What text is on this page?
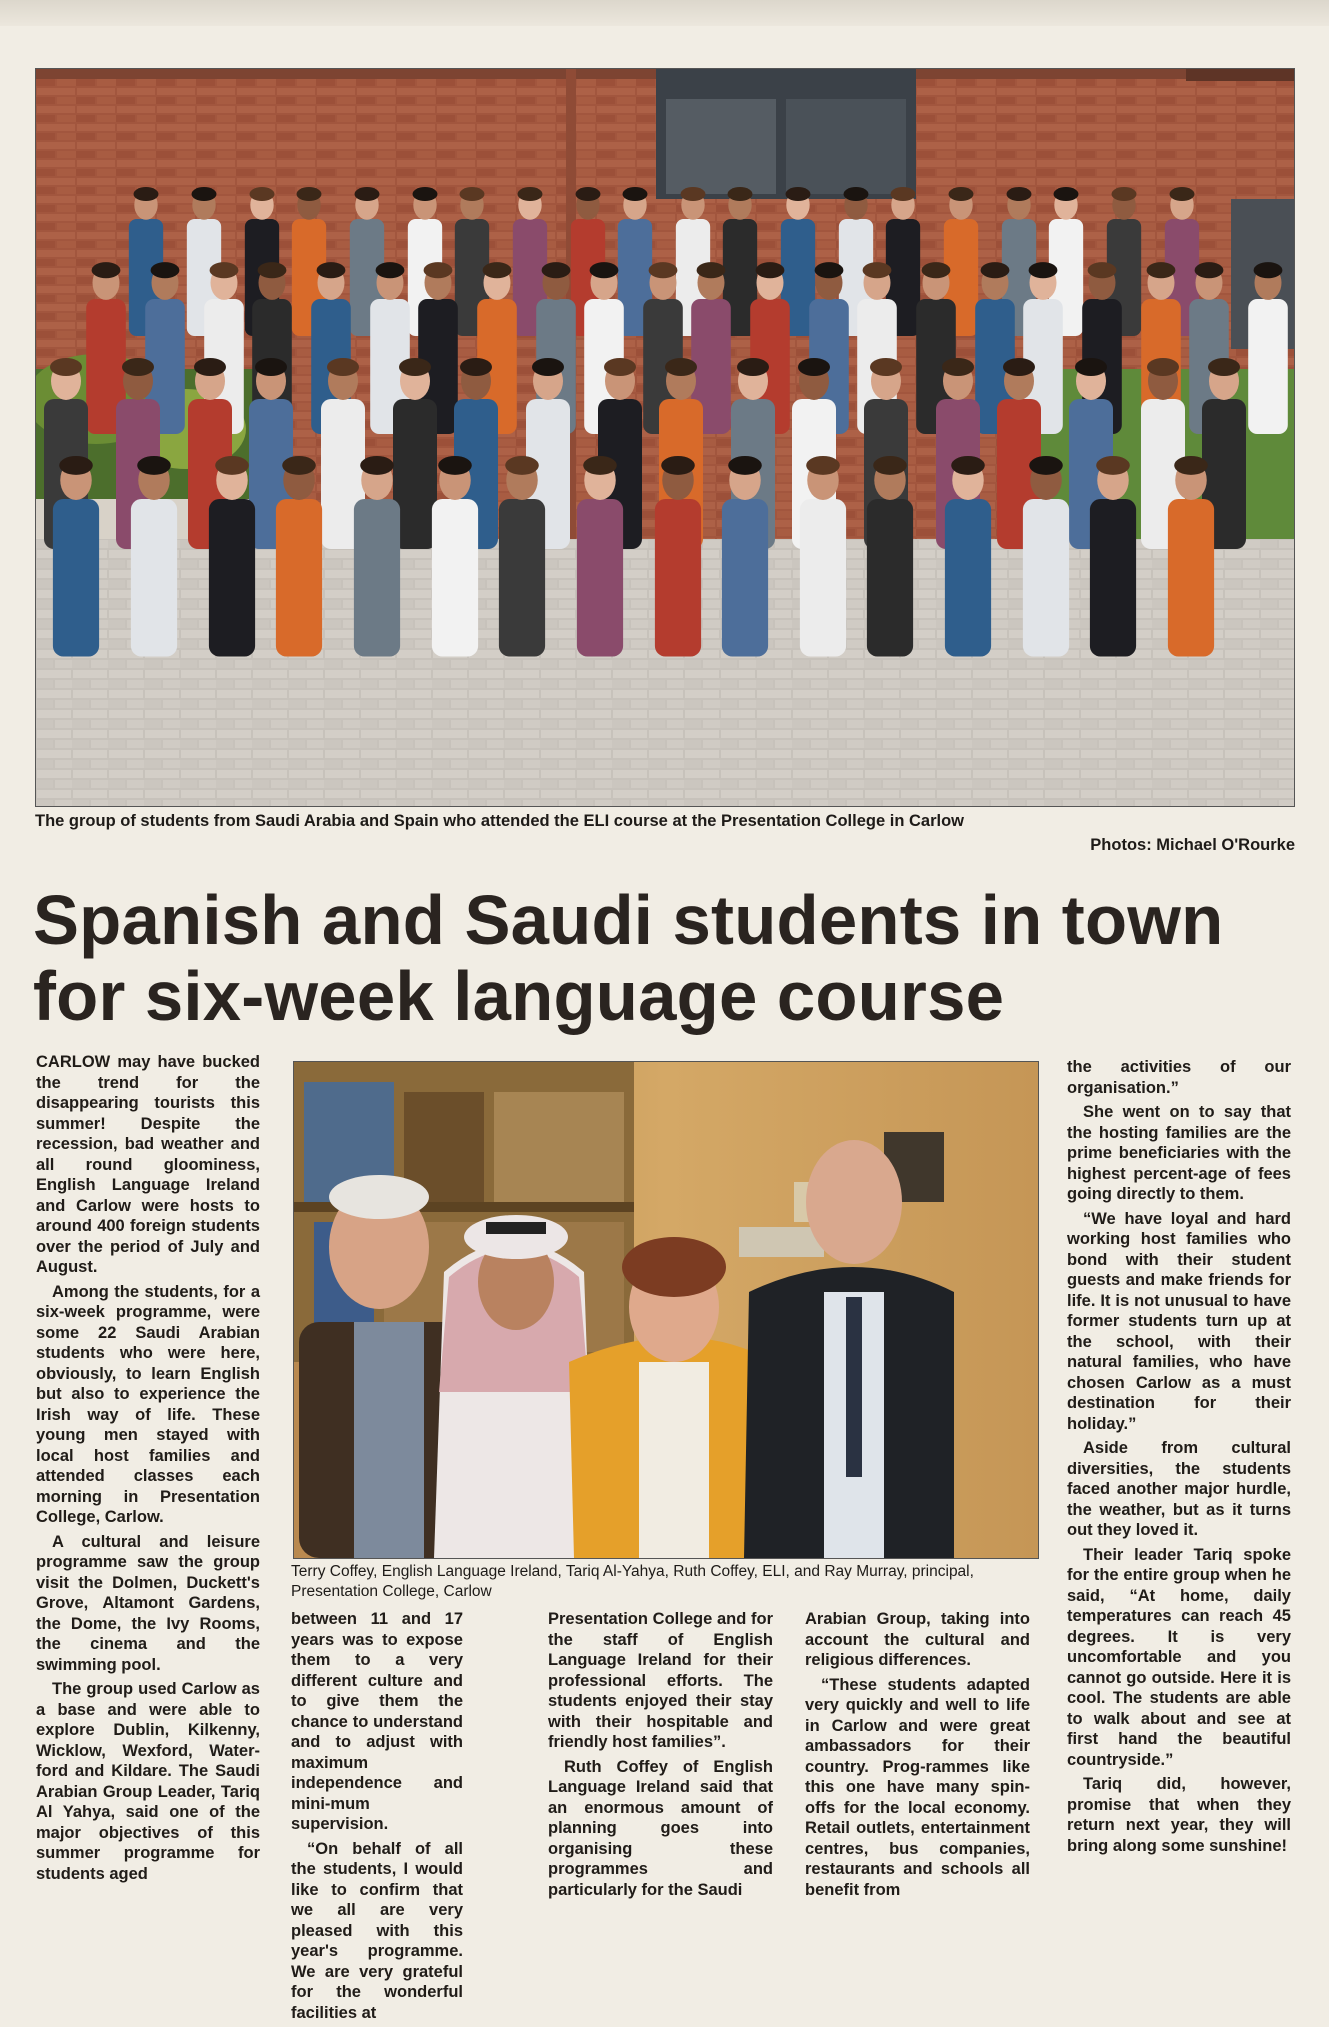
The group of students from Saudi Arabia and Spain who attended the ELI course at the Presentation College in Carlow
Photos: Michael O'Rourke
Spanish and Saudi students in town
for six-week language course

CARLOW may have bucked the trend for the disappearing tourists this summer! Despite the recession, bad weather and all round gloominess, English Language Ireland and Carlow were hosts to around 400 foreign students over the period of July and August.

Among the students, for a six-week programme, were some 22 Saudi Arabian students who were here, obviously, to learn English but also to experience the Irish way of life. These young men stayed with local host families and attended classes each morning in Presentation College, Carlow.

A cultural and leisure programme saw the group visit the Dolmen, Duckett's Grove, Altamont Gardens, the Dome, the Ivy Rooms, the cinema and the swimming pool.

The group used Carlow as a base and were able to explore Dublin, Kilkenny, Wicklow, Wexford, Water-ford and Kildare. The Saudi Arabian Group Leader, Tariq Al Yahya, said one of the major objectives of this summer programme for students aged

Terry Coffey, English Language Ireland, Tariq Al-Yahya, Ruth Coffey, ELI, and Ray Murray, principal, Presentation College, Carlow

between 11 and 17 years was to expose them to a very different culture and to give them the chance to understand and to adjust with maximum independence and mini-mum supervision.

“On behalf of all the students, I would like to confirm that we all are very pleased with this year's programme. We are very grateful for the wonderful facilities at

Presentation College and for the staff of English Language Ireland for their professional efforts. The students enjoyed their stay with their hospitable and friendly host families”.

Ruth Coffey of English Language Ireland said that an enormous amount of planning goes into organising these programmes and particularly for the Saudi

Arabian Group, taking into account the cultural and religious differences.

“These students adapted very quickly and well to life in Carlow and were great ambassadors for their country. Prog-rammes like this one have many spin-offs for the local economy. Retail outlets, entertainment centres, bus companies, restaurants and schools all benefit from

the activities of our organisation.”

She went on to say that the hosting families are the prime beneficiaries with the highest percent-age of fees going directly to them.

“We have loyal and hard working host families who bond with their student guests and make friends for life. It is not unusual to have former students turn up at the school, with their natural families, who have chosen Carlow as a must destination for their holiday.”

Aside from cultural diversities, the students faced another major hurdle, the weather, but as it turns out they loved it.

Their leader Tariq spoke for the entire group when he said, “At home, daily temperatures can reach 45 degrees. It is very uncomfortable and you cannot go outside. Here it is cool. The students are able to walk about and see at first hand the beautiful countryside.”

Tariq did, however, promise that when they return next year, they will bring along some sunshine!
